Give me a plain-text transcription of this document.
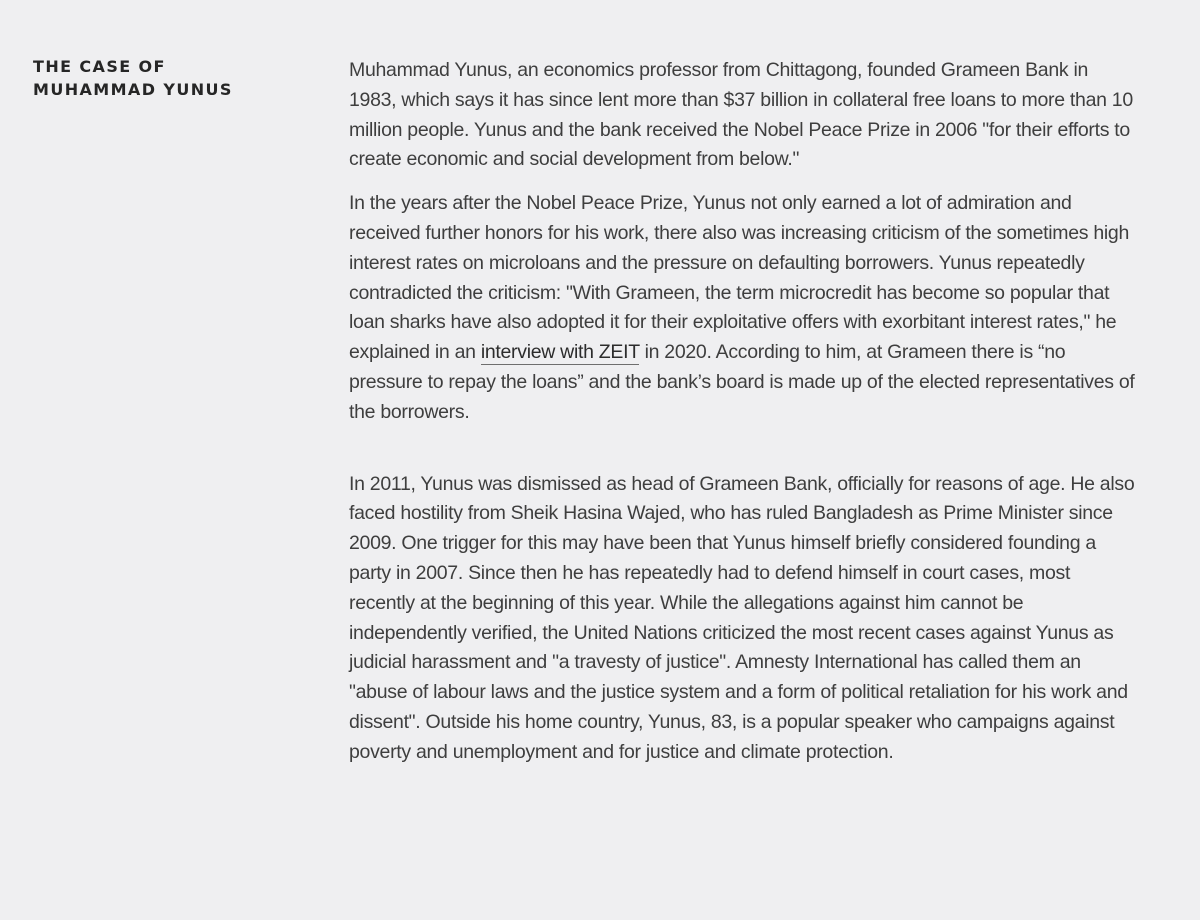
THE CASE OF
MUHAMMAD YUNUS

Muhammad Yunus, an economics professor from Chittagong, founded Grameen Bank in 1983, which says it has since lent more than $37 billion in collateral free loans to more than 10 million people. Yunus and the bank received the Nobel Peace Prize in 2006 "for their efforts to create economic and social development from below."

In the years after the Nobel Peace Prize, Yunus not only earned a lot of admiration and received further honors for his work, there also was increasing criticism of the sometimes high interest rates on microloans and the pressure on defaulting borrowers. Yunus repeatedly contradicted the criticism: "With Grameen, the term microcredit has become so popular that loan sharks have also adopted it for their exploitative offers with exorbitant interest rates," he explained in an interview with ZEIT in 2020. According to him, at Grameen there is “no pressure to repay the loans” and the bank’s board is made up of the elected representatives of the borrowers.

In 2011, Yunus was dismissed as head of Grameen Bank, officially for reasons of age. He also faced hostility from Sheik Hasina Wajed, who has ruled Bangladesh as Prime Minister since 2009. One trigger for this may have been that Yunus himself briefly considered founding a party in 2007. Since then he has repeatedly had to defend himself in court cases, most recently at the beginning of this year. While the allegations against him cannot be independently verified, the United Nations criticized the most recent cases against Yunus as judicial harassment and "a travesty of justice". Amnesty International has called them an "abuse of labour laws and the justice system and a form of political retaliation for his work and dissent". Outside his home country, Yunus, 83, is a popular speaker who campaigns against poverty and unemployment and for justice and climate protection.
